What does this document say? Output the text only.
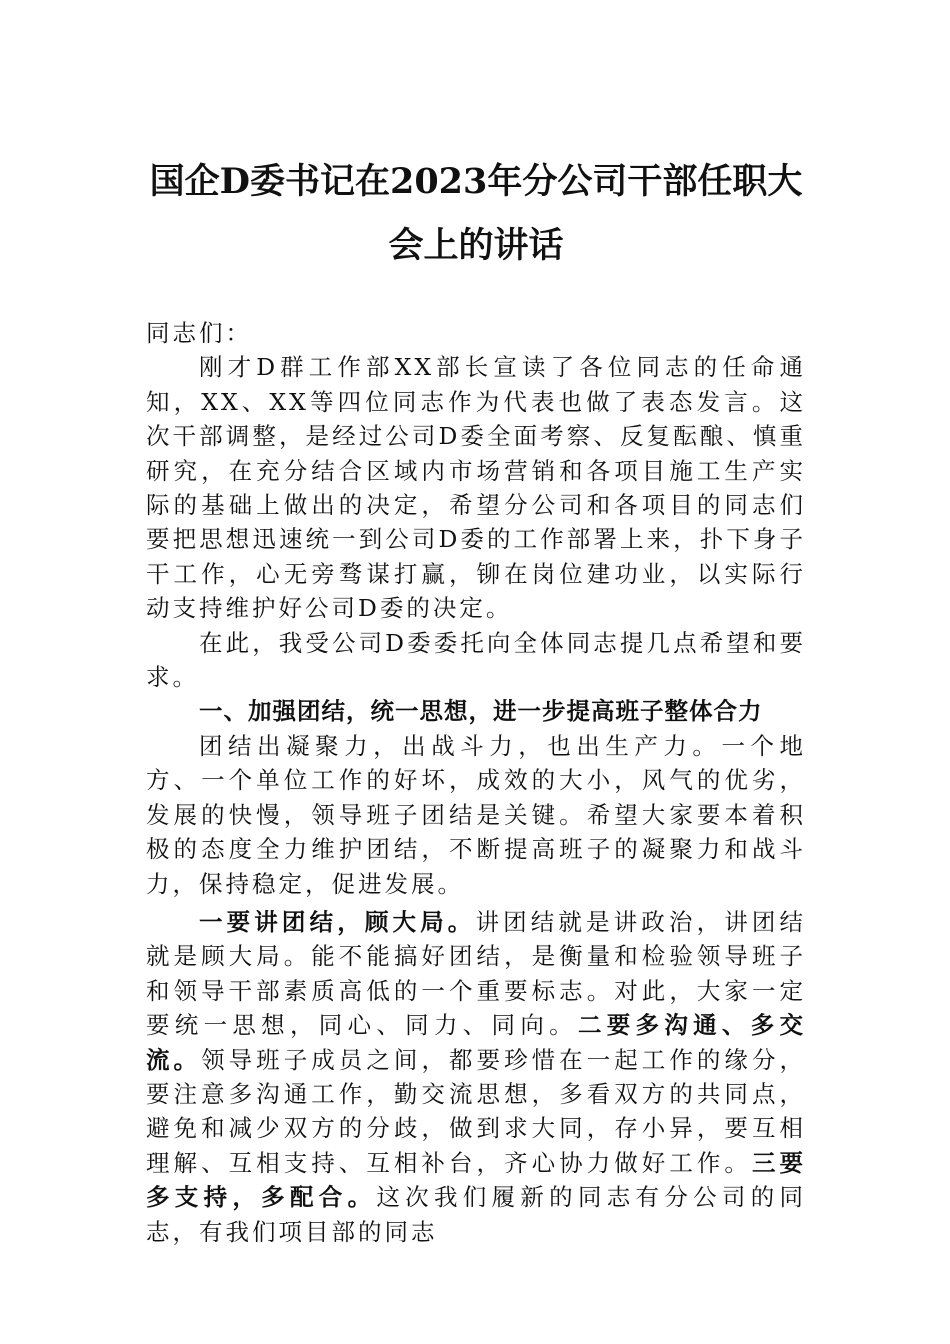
国企D委书记在2023年分公司干部任职大
会上的讲话

同志们：

刚才D群工作部XX部长宣读了各位同志的任命通知，XX、XX等四位同志作为代表也做了表态发言。这次干部调整，是经过公司D委全面考察、反复酝酿、慎重研究，在充分结合区域内市场营销和各项目施工生产实际的基础上做出的决定，希望分公司和各项目的同志们要把思想迅速统一到公司D委的工作部署上来，扑下身子干工作，心无旁骛谋打赢，铆在岗位建功业，以实际行动支持维护好公司D委的决定。

在此，我受公司D委委托向全体同志提几点希望和要求。

一、加强团结，统一思想，进一步提高班子整体合力

团结出凝聚力，出战斗力，也出生产力。一个地方、一个单位工作的好坏，成效的大小，风气的优劣，发展的快慢，领导班子团结是关键。希望大家要本着积极的态度全力维护团结，不断提高班子的凝聚力和战斗力，保持稳定，促进发展。

一要讲团结，顾大局。讲团结就是讲政治，讲团结就是顾大局。能不能搞好团结，是衡量和检验领导班子和领导干部素质高低的一个重要标志。对此，大家一定要统一思想，同心、同力、同向。二要多沟通、多交流。领导班子成员之间，都要珍惜在一起工作的缘分，要注意多沟通工作，勤交流思想，多看双方的共同点，避免和减少双方的分歧，做到求大同，存小异，要互相理解、互相支持、互相补台，齐心协力做好工作。三要多支持，多配合。这次我们履新的同志有分公司的同志，有我们项目部的同志
